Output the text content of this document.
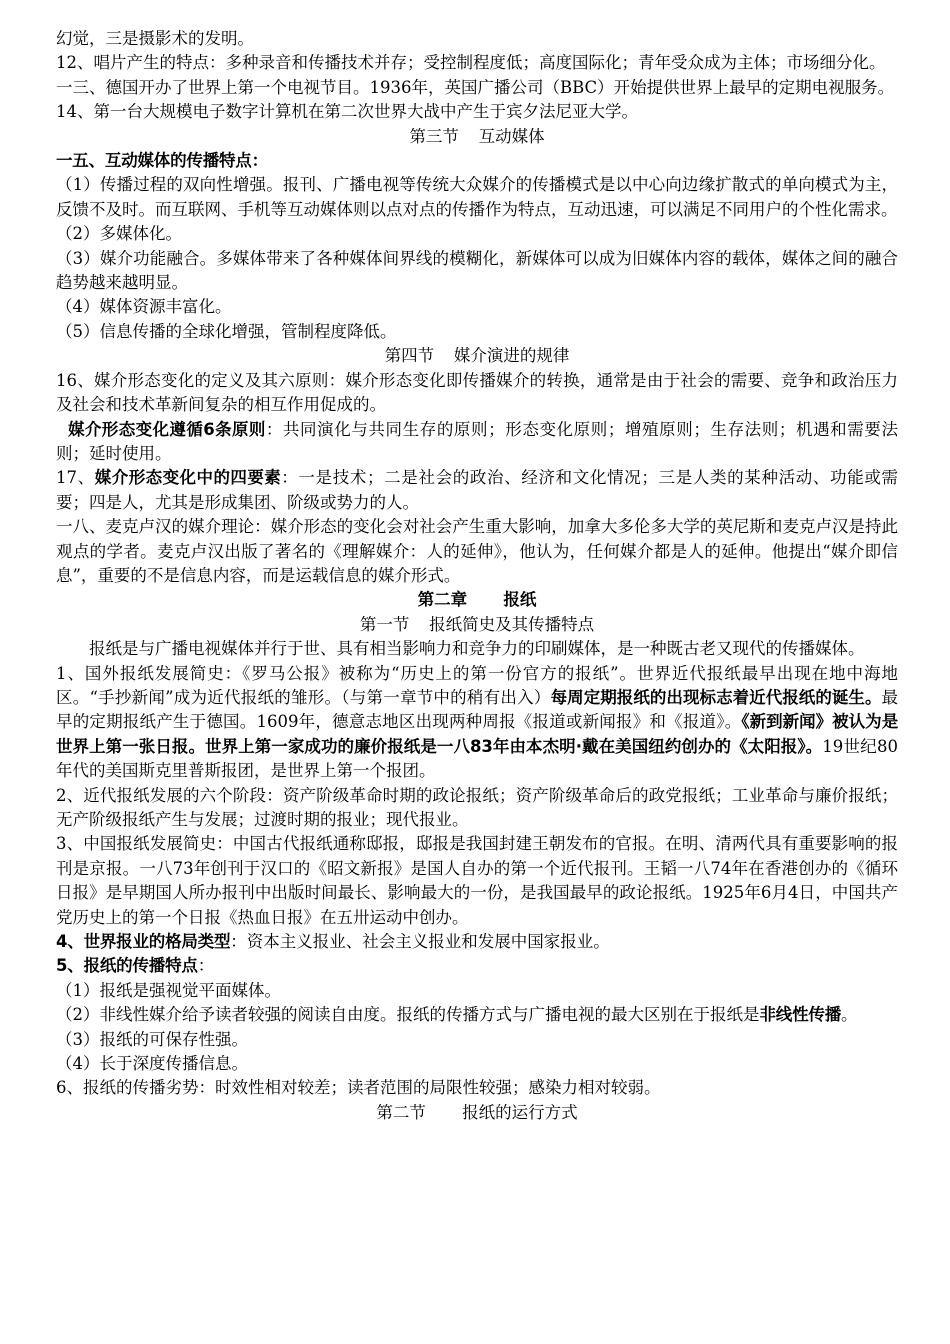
幻觉，三是摄影术的发明。

12、唱片产生的特点：多种录音和传播技术并存；受控制程度低；高度国际化；青年受众成为主体；市场细分化。

一三、德国开办了世界上第一个电视节目。1936年，英国广播公司（BBC）开始提供世界上最早的定期电视服务。

14、第一台大规模电子数字计算机在第二次世界大战中产生于宾夕法尼亚大学。

第三节 互动媒体

一五、互动媒体的传播特点：

（1）传播过程的双向性增强。报刊、广播电视等传统大众媒介的传播模式是以中心向边缘扩散式的单向模式为主，反馈不及时。而互联网、手机等互动媒体则以点对点的传播作为特点，互动迅速，可以满足不同用户的个性化需求。

（2）多媒体化。

（3）媒介功能融合。多媒体带来了各种媒体间界线的模糊化，新媒体可以成为旧媒体内容的载体，媒体之间的融合趋势越来越明显。

（4）媒体资源丰富化。

（5）信息传播的全球化增强，管制程度降低。

第四节 媒介演进的规律

16、媒介形态变化的定义及其六原则：媒介形态变化即传播媒介的转换，通常是由于社会的需要、竞争和政治压力及社会和技术革新间复杂的相互作用促成的。

媒介形态变化遵循6条原则：共同演化与共同生存的原则；形态变化原则；增殖原则；生存法则；机遇和需要法则；延时使用。

17、媒介形态变化中的四要素：一是技术；二是社会的政治、经济和文化情况；三是人类的某种活动、功能或需要；四是人，尤其是形成集团、阶级或势力的人。

一八、麦克卢汉的媒介理论：媒介形态的变化会对社会产生重大影响，加拿大多伦多大学的英尼斯和麦克卢汉是持此观点的学者。麦克卢汉出版了著名的《理解媒介：人的延伸》，他认为，任何媒介都是人的延伸。他提出“媒介即信息”，重要的不是信息内容，而是运载信息的媒介形式。

第二章 报纸

第一节 报纸简史及其传播特点

报纸是与广播电视媒体并行于世、具有相当影响力和竞争力的印刷媒体，是一种既古老又现代的传播媒体。

1、国外报纸发展简史：《罗马公报》被称为“历史上的第一份官方的报纸”。世界近代报纸最早出现在地中海地区。“手抄新闻”成为近代报纸的雏形。（与第一章节中的稍有出入）每周定期报纸的出现标志着近代报纸的诞生。最早的定期报纸产生于德国。1609年，德意志地区出现两种周报《报道或新闻报》和《报道》。《新到新闻》被认为是世界上第一张日报。世界上第一家成功的廉价报纸是一八83年由本杰明·戴在美国纽约创办的《太阳报》。19世纪80年代的美国斯克里普斯报团，是世界上第一个报团。

2、近代报纸发展的六个阶段：资产阶级革命时期的政论报纸；资产阶级革命后的政党报纸；工业革命与廉价报纸；无产阶级报纸产生与发展；过渡时期的报业；现代报业。

3、中国报纸发展简史：中国古代报纸通称邸报，邸报是我国封建王朝发布的官报。在明、清两代具有重要影响的报刊是京报。一八73年创刊于汉口的《昭文新报》是国人自办的第一个近代报刊。王韬一八74年在香港创办的《循环日报》是早期国人所办报刊中出版时间最长、影响最大的一份，是我国最早的政论报纸。1925年6月4日，中国共产党历史上的第一个日报《热血日报》在五卅运动中创办。

4、世界报业的格局类型：资本主义报业、社会主义报业和发展中国家报业。

5、报纸的传播特点：

（1）报纸是强视觉平面媒体。

（2）非线性媒介给予读者较强的阅读自由度。报纸的传播方式与广播电视的最大区别在于报纸是非线性传播。

（3）报纸的可保存性强。

（4）长于深度传播信息。

6、报纸的传播劣势：时效性相对较差；读者范围的局限性较强；感染力相对较弱。

第二节 报纸的运行方式
